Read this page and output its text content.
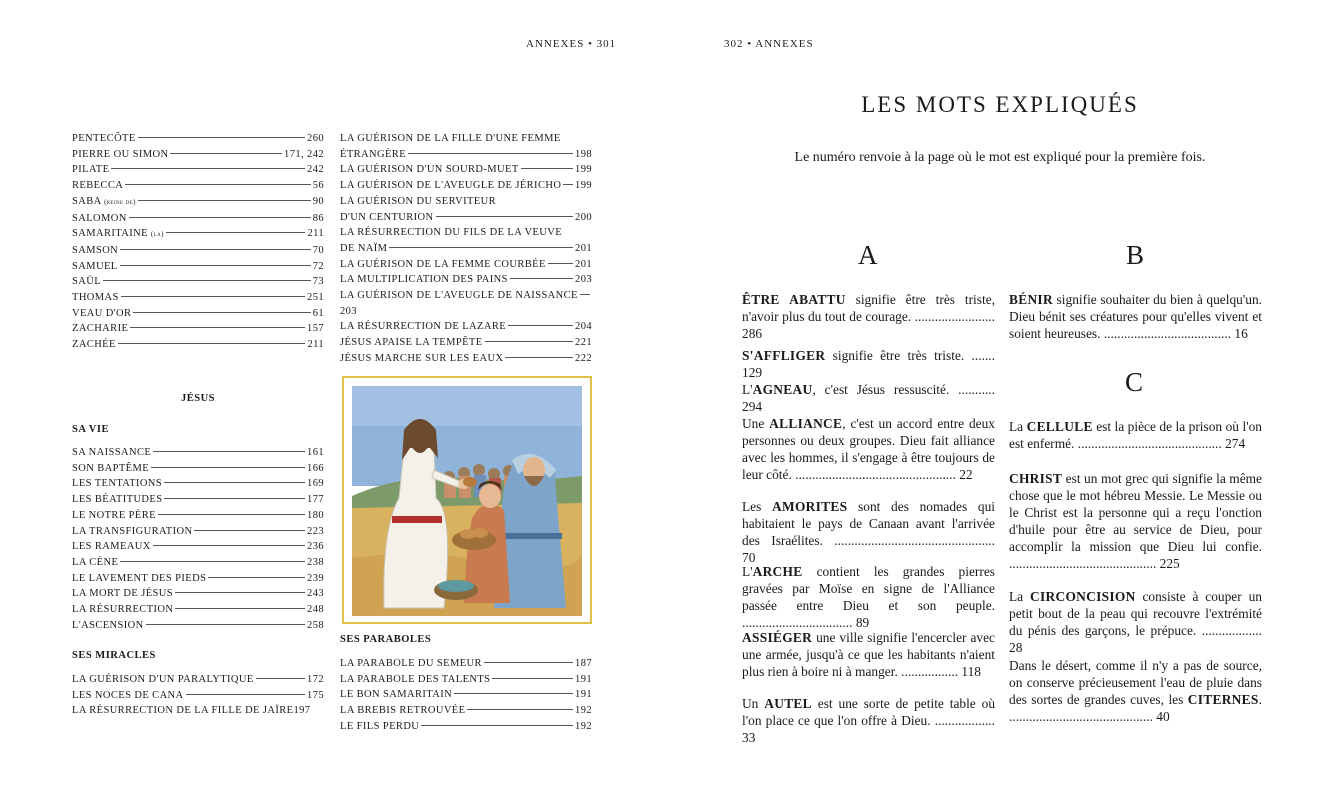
ANNEXES • 301	302 • ANNEXES
PENTECÔTE	260
PIERRE OU SIMON	171, 242
PILATE	242
REBECCA	56
SABA (reine de)	90
SALOMON	86
SAMARITAINE (la)	211
SAMSON	70
SAMUEL	72
SAÜL	73
THOMAS	251
VEAU D'OR	61
ZACHARIE	157
ZACHÉE	211
JÉSUS
SA VIE
SA NAISSANCE	161
SON BAPTÊME	166
LES TENTATIONS	169
LES BÉATITUDES	177
LE NOTRE PÈRE	180
LA TRANSFIGURATION	223
LES RAMEAUX	236
LA CÈNE	238
LE LAVEMENT DES PIEDS	239
LA MORT DE JÉSUS	243
LA RÉSURRECTION	248
L'ASCENSION	258
SES MIRACLES
LA GUÉRISON D'UN PARALYTIQUE	172
LES NOCES DE CANA	175
LA RÉSURRECTION DE LA FILLE DE JAÏRE 197
LA GUÉRISON DE LA FILLE D'UNE FEMME
ÉTRANGÈRE	198
LA GUÉRISON D'UN SOURD-MUET	199
LA GUÉRISON DE L'AVEUGLE DE JÉRICHO 199
LA GUÉRISON DU SERVITEUR
D'UN CENTURION	200
LA RÉSURRECTION DU FILS DE LA VEUVE
DE NAÏM	201
LA GUÉRISON DE LA FEMME COURBÉE	201
LA MULTIPLICATION DES PAINS	203
LA GUÉRISON DE L'AVEUGLE DE NAISSANCE
203
LA RÉSURRECTION DE LAZARE	204
JÉSUS APAISE LA TEMPÊTE	221
JÉSUS MARCHE SUR LES EAUX	222
SES PARABOLES
LA PARABOLE DU SEMEUR	187
LA PARABOLE DES TALENTS	191
LE BON SAMARITAIN	191
LA BREBIS RETROUVÉE	192
LE FILS PERDU	192
LES MOTS EXPLIQUÉS
Le numéro renvoie à la page où le mot est expliqué pour la première fois.
A	B
C

ÊTRE ABATTU signifie être très triste, n'avoir plus du tout de courage. ........................ 286

S'AFFLIGER signifie être très triste. ....... 129

L'AGNEAU, c'est Jésus ressuscité. ........... 294

Une ALLIANCE, c'est un accord entre deux personnes ou deux groupes. Dieu fait alliance avec les hommes, il s'engage à être toujours de leur côté. ................................................ 22

Les AMORITES sont des nomades qui habitaient le pays de Canaan avant l'arrivée des Israélites. ................................................ 70

L'ARCHE contient les grandes pierres gravées par Moïse en signe de l'Alliance passée entre Dieu et son peuple. ................................. 89

ASSIÉGER une ville signifie l'encercler avec une armée, jusqu'à ce que les habitants n'aient plus rien à boire ni à manger. ................. 118

Un AUTEL est une sorte de petite table où l'on place ce que l'on offre à Dieu. .................. 33

BÉNIR signifie souhaiter du bien à quelqu'un. Dieu bénit ses créatures pour qu'elles vivent et soient heureuses. ...................................... 16

La CELLULE est la pièce de la prison où l'on est enfermé. ........................................... 274

CHRIST est un mot grec qui signifie la même chose que le mot hébreu Messie. Le Messie ou le Christ est la personne qui a reçu l'onction d'huile pour être au service de Dieu, pour accomplir la mission que Dieu lui confie. ............................................ 225

La CIRCONCISION consiste à couper un petit bout de la peau qui recouvre l'extrémité du pénis des garçons, le prépuce. .................. 28

Dans le désert, comme il n'y a pas de source, on conserve précieusement l'eau de pluie dans des sortes de grandes cuves, les CITERNES. ........................................... 40
